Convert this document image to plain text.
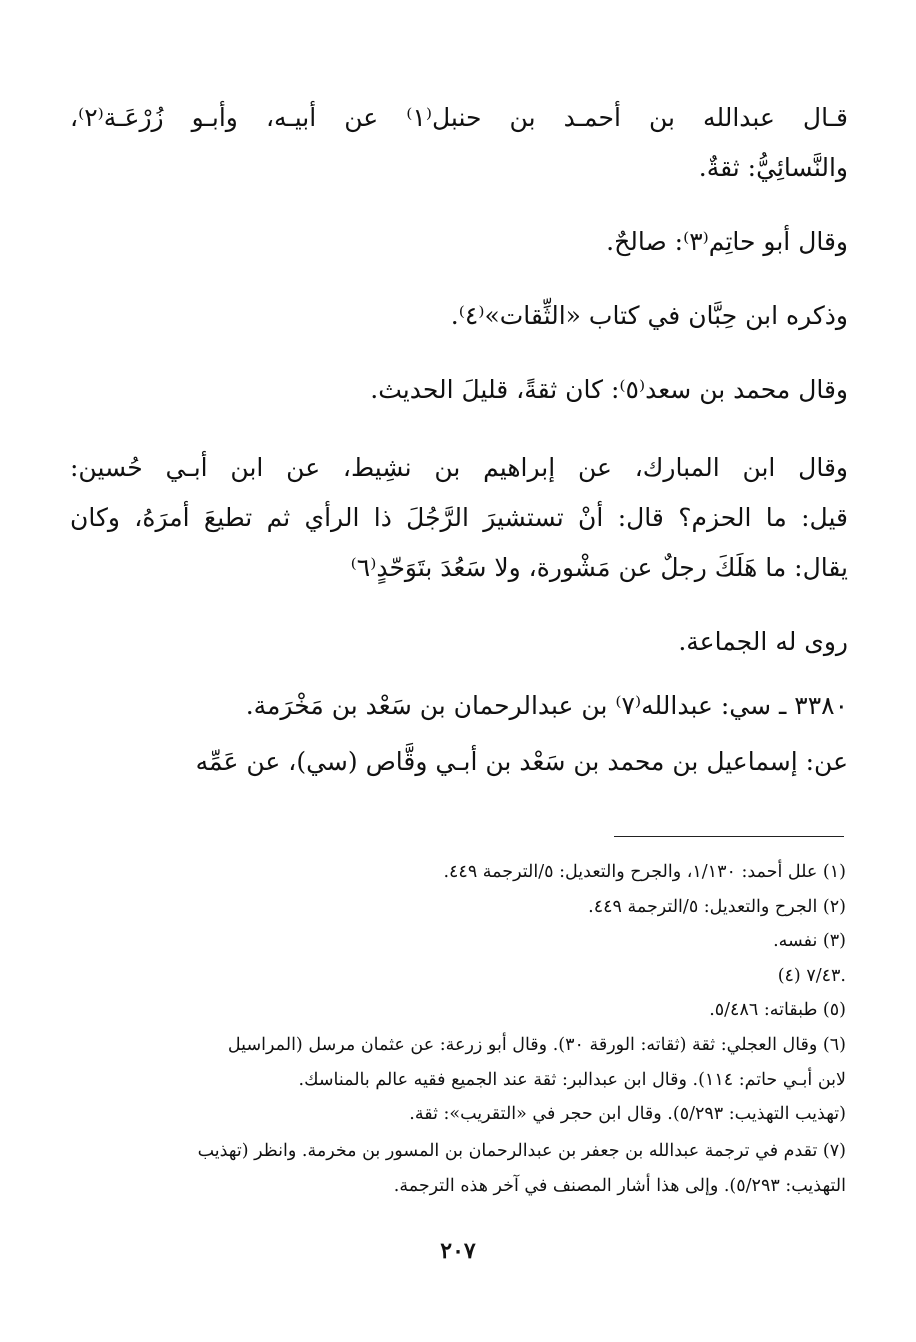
قـال عبدالله بن أحمـد بن حنبل⁽١⁾ عن أبيـه، وأبـو زُرْعَـة⁽٢⁾،
والنَّسائِيُّ: ثقةٌ.
وقال أبو حاتِم⁽٣⁾: صالحٌ.
وذكره ابن حِبَّان في كتاب «الثِّقات»⁽٤⁾.
وقال محمد بن سعد⁽٥⁾: كان ثقةً، قليلَ الحديث.
وقال ابن المبارك، عن إبراهيم بن نشِيط، عن ابن أبـي حُسين:
قيل: ما الحزم؟ قال: أنْ تستشيرَ الرَّجُلَ ذا الرأي ثم تطيعَ أمرَهُ، وكان
يقال: ما هَلَكَ رجلٌ عن مَشْورة، ولا سَعُدَ بتَوَحّدٍ⁽٦⁾
روى له الجماعة.
٣٣٨٠ ـ سي: عبدالله⁽٧⁾ بن عبدالرحمان بن سَعْد بن مَخْرَمة.
عن: إسماعيل بن محمد بن سَعْد بن أبـي وقَّاص (سي)، عن عَمِّه
(١) علل أحمد: ١/١٣٠، والجرح والتعديل: ٥/الترجمة ٤٤٩.
(٢) الجرح والتعديل: ٥/الترجمة ٤٤٩.
(٣) نفسه.
(٤) ٧/٤٣.
(٥) طبقاته: ٥/٤٨٦.
(٦) وقال العجلي: ثقة (ثقاته: الورقة ٣٠). وقال أبو زرعة: عن عثمان مرسل (المراسيل
لابن أبـي حاتم: ١١٤). وقال ابن عبدالبر: ثقة عند الجميع فقيه عالم بالمناسك.
(تهذيب التهذيب: ٥/٢٩٣). وقال ابن حجر في «التقريب»: ثقة.
(٧) تقدم في ترجمة عبدالله بن جعفر بن عبدالرحمان بن المسور بن مخرمة. وانظر (تهذيب
التهذيب: ٥/٢٩٣). وإلى هذا أشار المصنف في آخر هذه الترجمة.
٢٠٧
